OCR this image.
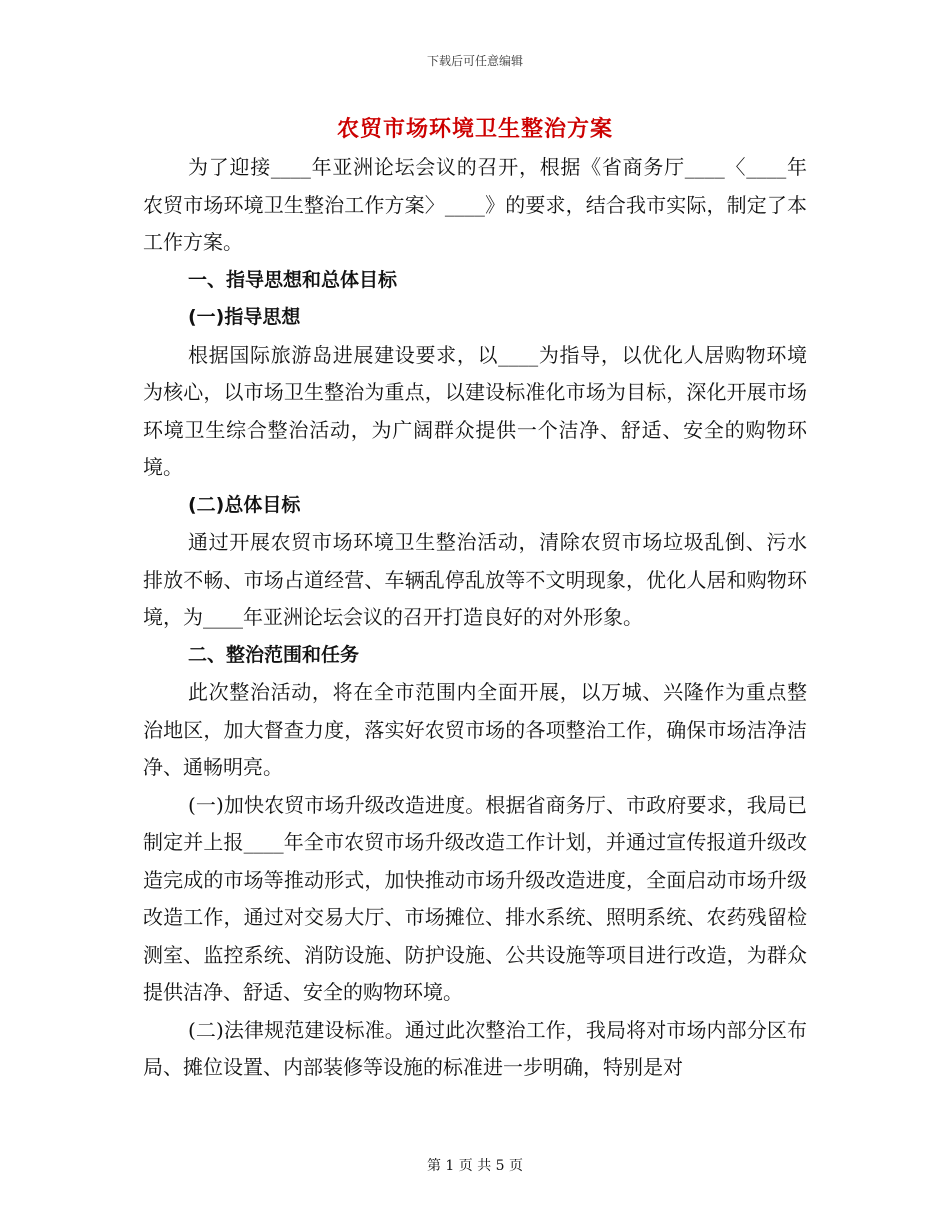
下载后可任意编辑
农贸市场环境卫生整治方案

为了迎接____年亚洲论坛会议的召开，根据《省商务厅____〈____年农贸市场环境卫生整治工作方案〉____》的要求，结合我市实际，制定了本工作方案。

一、指导思想和总体目标

(一)指导思想

根据国际旅游岛进展建设要求，以____为指导，以优化人居购物环境为核心，以市场卫生整治为重点，以建设标准化市场为目标，深化开展市场环境卫生综合整治活动，为广阔群众提供一个洁净、舒适、安全的购物环境。

(二)总体目标

通过开展农贸市场环境卫生整治活动，清除农贸市场垃圾乱倒、污水排放不畅、市场占道经营、车辆乱停乱放等不文明现象，优化人居和购物环境，为____年亚洲论坛会议的召开打造良好的对外形象。

二、整治范围和任务

此次整治活动，将在全市范围内全面开展，以万城、兴隆作为重点整治地区，加大督查力度，落实好农贸市场的各项整治工作，确保市场洁净洁净、通畅明亮。

(一)加快农贸市场升级改造进度。根据省商务厅、市政府要求，我局已制定并上报____年全市农贸市场升级改造工作计划，并通过宣传报道升级改造完成的市场等推动形式，加快推动市场升级改造进度，全面启动市场升级改造工作，通过对交易大厅、市场摊位、排水系统、照明系统、农药残留检测室、监控系统、消防设施、防护设施、公共设施等项目进行改造，为群众提供洁净、舒适、安全的购物环境。

(二)法律规范建设标准。通过此次整治工作，我局将对市场内部分区布局、摊位设置、内部装修等设施的标准进一步明确，特别是对

第 1 页 共 5 页
